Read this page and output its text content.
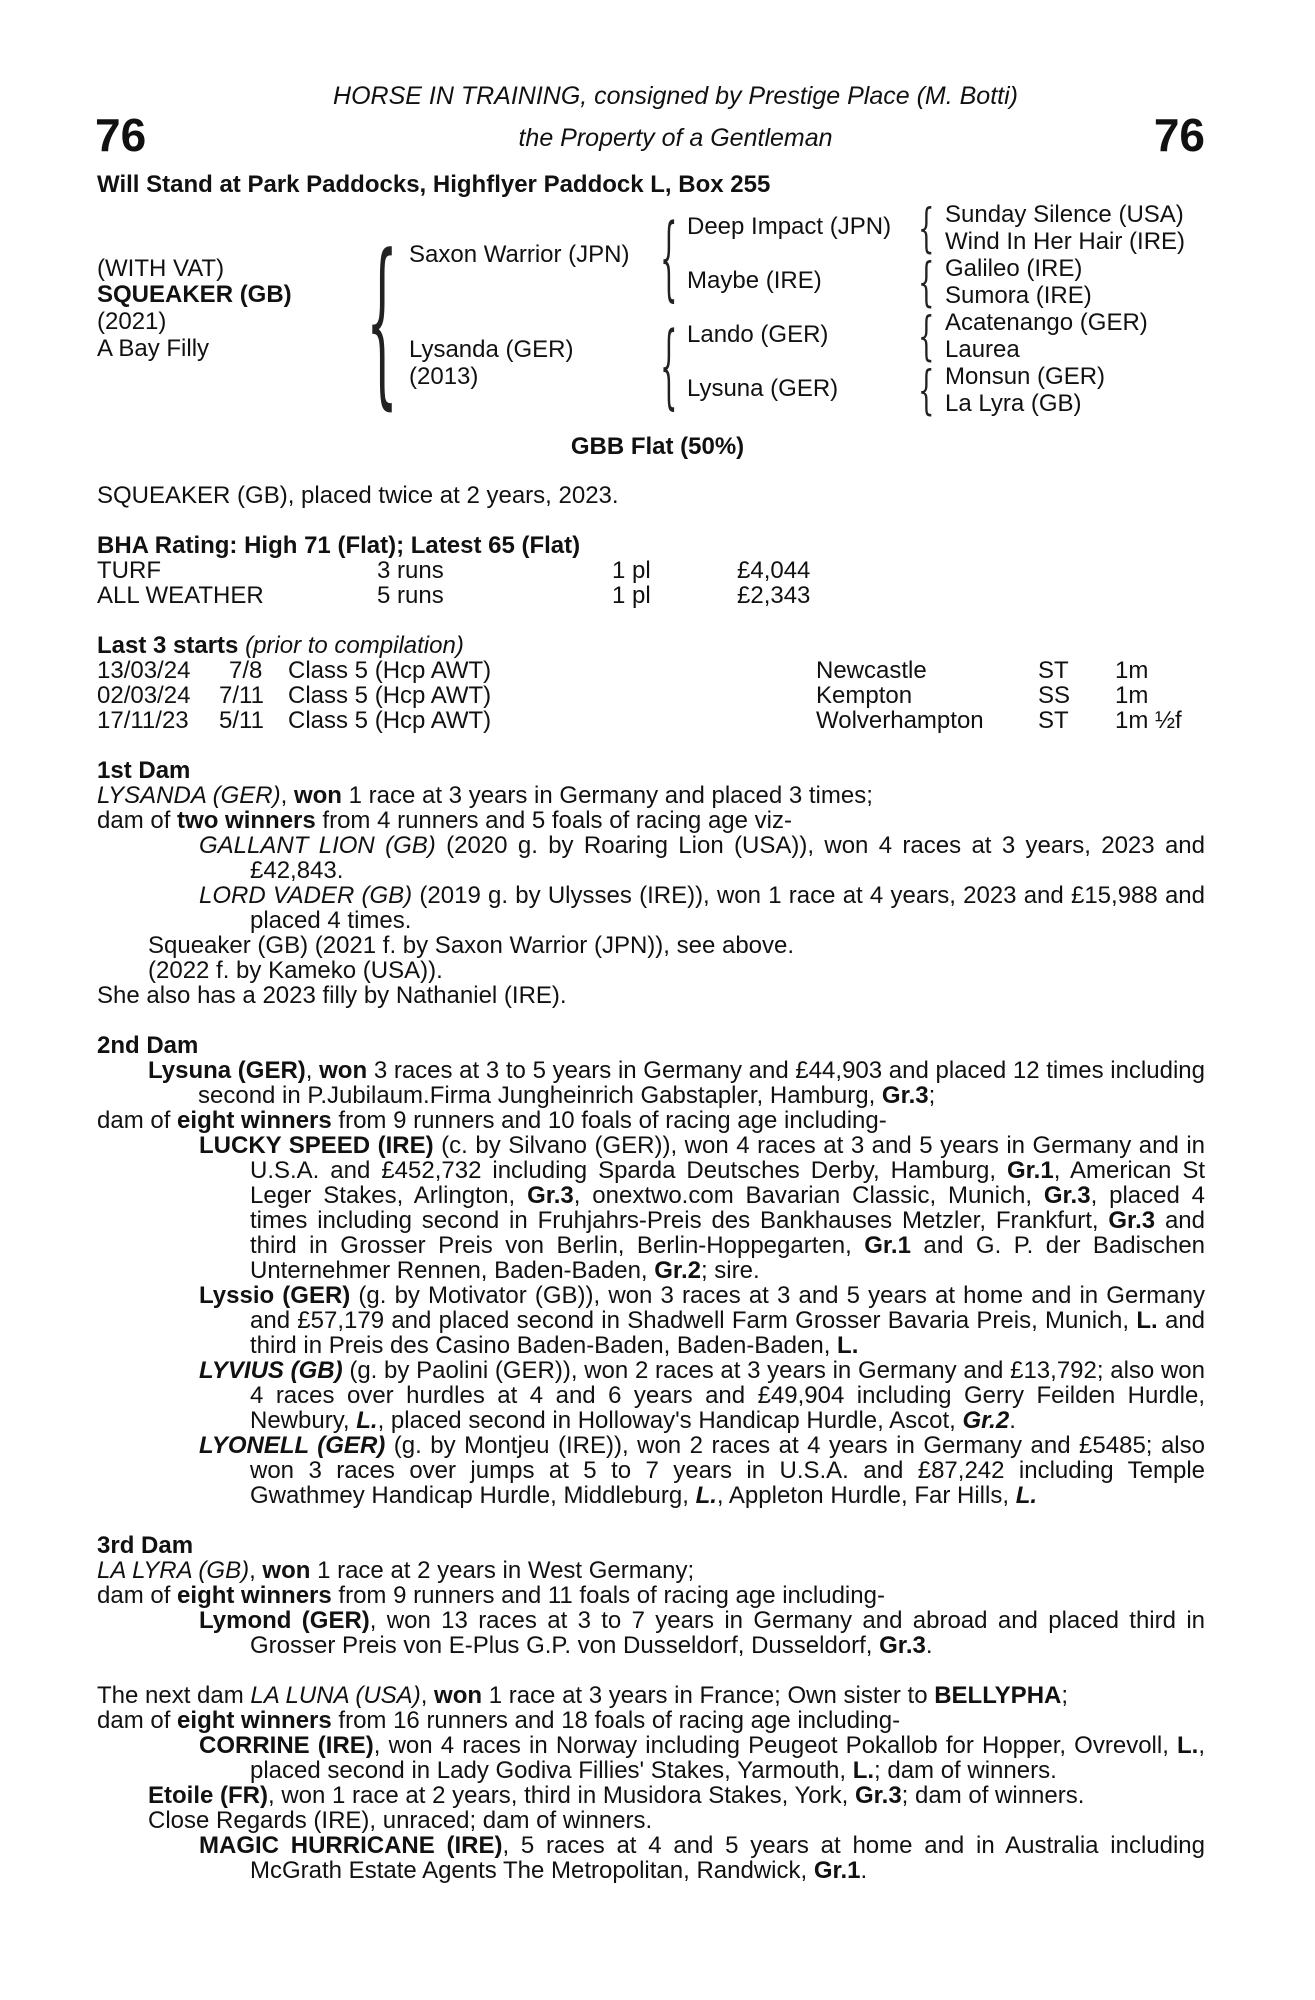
76	76
HORSE IN TRAINING, consigned by Prestige Place (M. Botti)
the Property of a Gentleman
Will Stand at Park Paddocks, Highflyer Paddock L, Box 255
(WITH VAT)
SQUEAKER (GB)
(2021)
A Bay Filly { Saxon Warrior (JPN)
Lysanda (GER)
(2013)
{
{
Deep Impact (JPN)
Maybe (IRE)
Lando (GER)
Lysuna (GER)
{
{
{
{
Sunday Silence (USA)
Wind In Her Hair (IRE)
Galileo (IRE)
Sumora (IRE)
Acatenango (GER)
Laurea
Monsun (GER)
La Lyra (GB)
GBB Flat (50%)
SQUEAKER (GB), placed twice at 2 years, 2023.
BHA Rating: High 71 (Flat); Latest 65 (Flat)
TURF	3 runs	1 pl	£4,044
ALL WEATHER	5 runs	1 pl	£2,343
Last 3 starts (prior to compilation)
13/03/24 7/8 Class 5 (Hcp AWT)	Newcastle	ST 1m
02/03/24 7/11 Class 5 (Hcp AWT)	Kempton	SS 1m
17/11/23 5/11 Class 5 (Hcp AWT)	Wolverhampton ST 1m ½f

1st Dam

LYSANDA (GER), won 1 race at 3 years in Germany and placed 3 times;

dam of two winners from 4 runners and 5 foals of racing age viz-

GALLANT LION (GB) (2020 g. by Roaring Lion (USA)), won 4 races at 3 years, 2023 and £42,843.

LORD VADER (GB) (2019 g. by Ulysses (IRE)), won 1 race at 4 years, 2023 and £15,988 and placed 4 times.

Squeaker (GB) (2021 f. by Saxon Warrior (JPN)), see above.

(2022 f. by Kameko (USA)).

She also has a 2023 filly by Nathaniel (IRE).

2nd Dam

Lysuna (GER), won 3 races at 3 to 5 years in Germany and £44,903 and placed 12 times including second in P.Jubilaum.Firma Jungheinrich Gabstapler, Hamburg, Gr.3;

dam of eight winners from 9 runners and 10 foals of racing age including-

LUCKY SPEED (IRE) (c. by Silvano (GER)), won 4 races at 3 and 5 years in Germany and in U.S.A. and £452,732 including Sparda Deutsches Derby, Hamburg, Gr.1, American St Leger Stakes, Arlington, Gr.3, onextwo.com Bavarian Classic, Munich, Gr.3, placed 4 times including second in Fruhjahrs-Preis des Bankhauses Metzler, Frankfurt, Gr.3 and third in Grosser Preis von Berlin, Berlin-Hoppegarten, Gr.1 and G. P. der Badischen Unternehmer Rennen, Baden-Baden, Gr.2; sire.

Lyssio (GER) (g. by Motivator (GB)), won 3 races at 3 and 5 years at home and in Germany and £57,179 and placed second in Shadwell Farm Grosser Bavaria Preis, Munich, L. and third in Preis des Casino Baden-Baden, Baden-Baden, L.

LYVIUS (GB) (g. by Paolini (GER)), won 2 races at 3 years in Germany and £13,792; also won 4 races over hurdles at 4 and 6 years and £49,904 including Gerry Feilden Hurdle, Newbury, L., placed second in Holloway's Handicap Hurdle, Ascot, Gr.2.

LYONELL (GER) (g. by Montjeu (IRE)), won 2 races at 4 years in Germany and £5485; also won 3 races over jumps at 5 to 7 years in U.S.A. and £87,242 including Temple Gwathmey Handicap Hurdle, Middleburg, L., Appleton Hurdle, Far Hills, L.

3rd Dam

LA LYRA (GB), won 1 race at 2 years in West Germany;

dam of eight winners from 9 runners and 11 foals of racing age including-

Lymond (GER), won 13 races at 3 to 7 years in Germany and abroad and placed third in Grosser Preis von E-Plus G.P. von Dusseldorf, Dusseldorf, Gr.3.

The next dam LA LUNA (USA), won 1 race at 3 years in France; Own sister to BELLYPHA;

dam of eight winners from 16 runners and 18 foals of racing age including-

CORRINE (IRE), won 4 races in Norway including Peugeot Pokallob for Hopper, Ovrevoll, L., placed second in Lady Godiva Fillies' Stakes, Yarmouth, L.; dam of winners.

Etoile (FR), won 1 race at 2 years, third in Musidora Stakes, York, Gr.3; dam of winners.

Close Regards (IRE), unraced; dam of winners.

MAGIC HURRICANE (IRE), 5 races at 4 and 5 years at home and in Australia including McGrath Estate Agents The Metropolitan, Randwick, Gr.1.
